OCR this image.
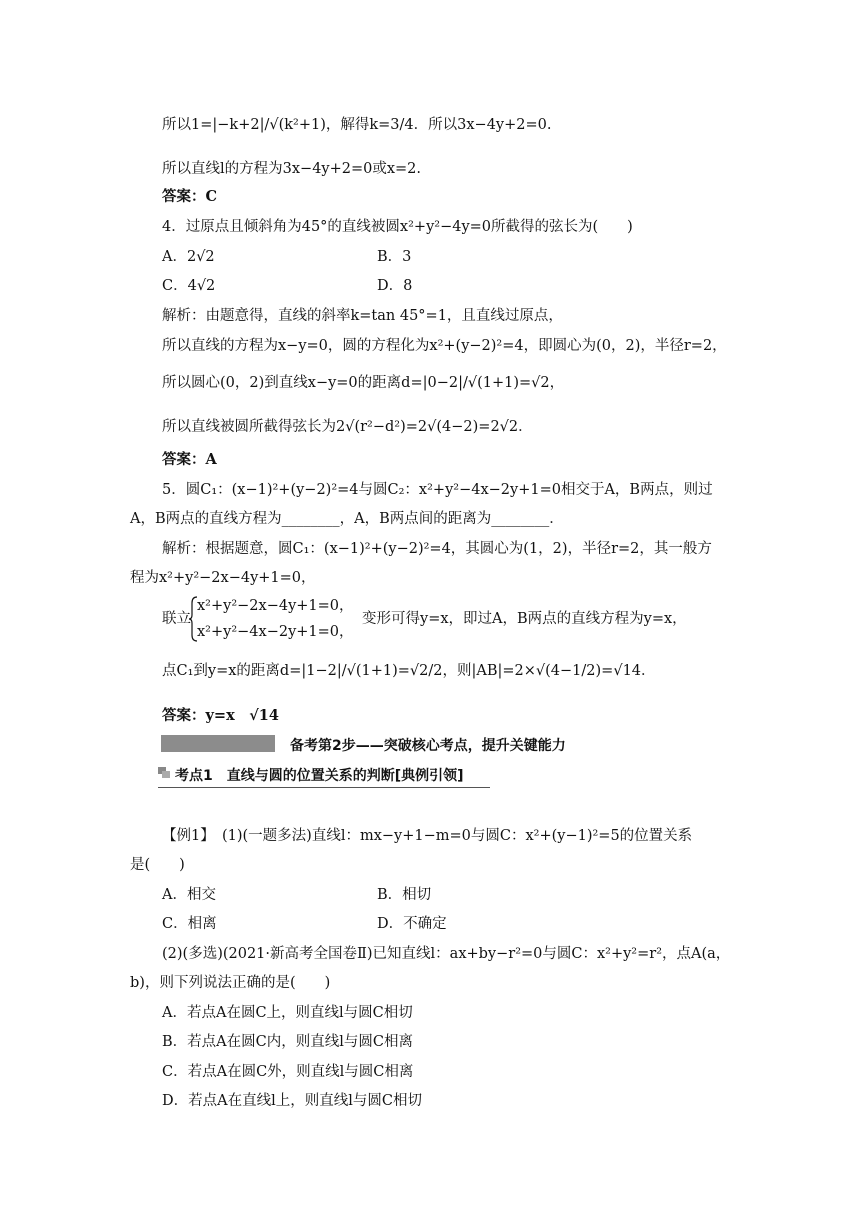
所以1=|−k+2|/√(k²+1)，解得k=3/4．所以3x−4y+2=0.
所以直线l的方程为3x−4y+2=0或x=2.
答案：C
4．过原点且倾斜角为45°的直线被圆x²+y²−4y=0所截得的弦长为(　　)
A．2√2	B．3
C．4√2	D．8
解析：由题意得，直线的斜率k=tan 45°=1，且直线过原点，
所以直线的方程为x−y=0，圆的方程化为x²+(y−2)²=4，即圆心为(0，2)，半径r=2，
所以圆心(0，2)到直线x−y=0的距离d=|0−2|/√(1+1)=√2，
所以直线被圆所截得弦长为2√(r²−d²)=2√(4−2)=2√2．
答案：A
5．圆C₁：(x−1)²+(y−2)²=4与圆C₂：x²+y²−4x−2y+1=0相交于A，B两点，则过
A，B两点的直线方程为________，A，B两点间的距离为________．
解析：根据题意，圆C₁：(x−1)²+(y−2)²=4，其圆心为(1，2)，半径r=2，其一般方
程为x²+y²−2x−4y+1=0，
联立
x²+y²−2x−4y+1=0，
变形可得y=x，即过A，B两点的直线方程为y=x，
x²+y²−4x−2y+1=0，
点C₁到y=x的距离d=|1−2|/√(1+1)=√2/2，则|AB|=2×√(4−1/2)=√14．
答案：y=x　√14
备考第2步——突破核心考点，提升关键能力
考点1　直线与圆的位置关系的判断[典例引领]
【例1】　(1)(一题多法)直线l：mx−y+1−m=0与圆C：x²+(y−1)²=5的位置关系
是(　　)
A．相交	B．相切
C．相离	D．不确定
(2)(多选)(2021·新高考全国卷Ⅱ)已知直线l：ax+by−r²=0与圆C：x²+y²=r²，点A(a，
b)，则下列说法正确的是(　　)
A．若点A在圆C上，则直线l与圆C相切
B．若点A在圆C内，则直线l与圆C相离
C．若点A在圆C外，则直线l与圆C相离
D．若点A在直线l上，则直线l与圆C相切
